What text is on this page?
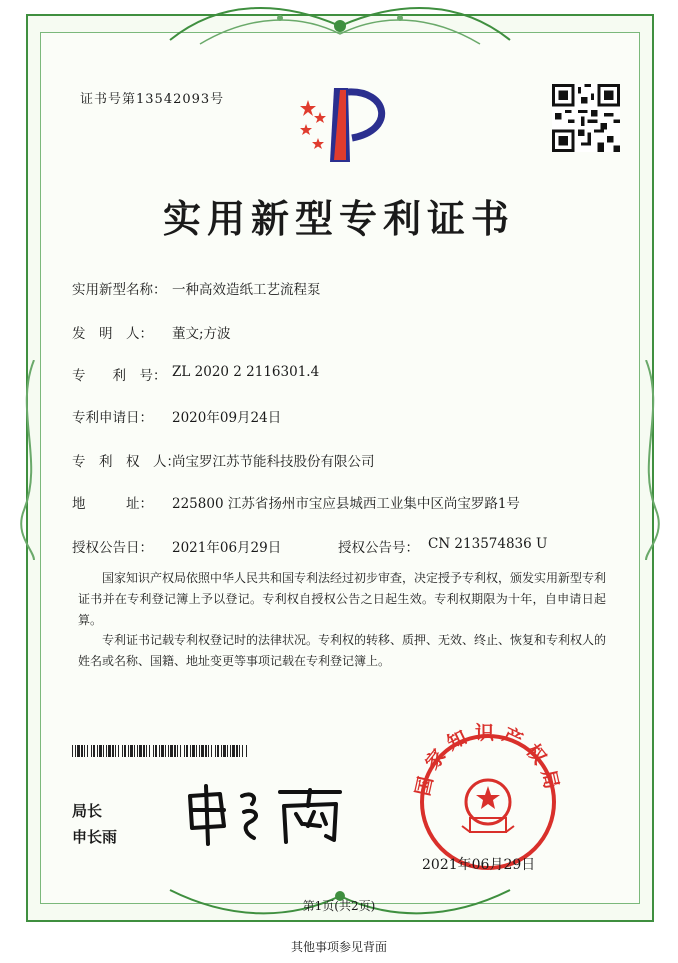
证书号第13542093号
实用新型专利证书
实用新型名称： 一种高效造纸工艺流程泵
发　明　人： 董文;方波
专　　利　号： ZL 2020 2 2116301.4
专利申请日： 2020年09月24日
专　利　权　人：
尚宝罗江苏节能科技股份有限公司
地　　　址： 225800 江苏省扬州市宝应县城西工业集中区尚宝罗路1号
授权公告日： 2021年06月29日	授权公告号： CN 213574836 U
国家知识产权局依照中华人民共和国专利法经过初步审查，决定授予专利权，颁发实用新型专利证书并在专利登记簿上予以登记。专利权自授权公告之日起生效。专利权期限为十年，自申请日起算。
专利证书记载专利权登记时的法律状况。专利权的转移、质押、无效、终止、恢复和专利权人的姓名或名称、国籍、地址变更等事项记载在专利登记簿上。
局长
申长雨
国家知识产权局
2021年06月29日
第1页(共2页)
其他事项参见背面
